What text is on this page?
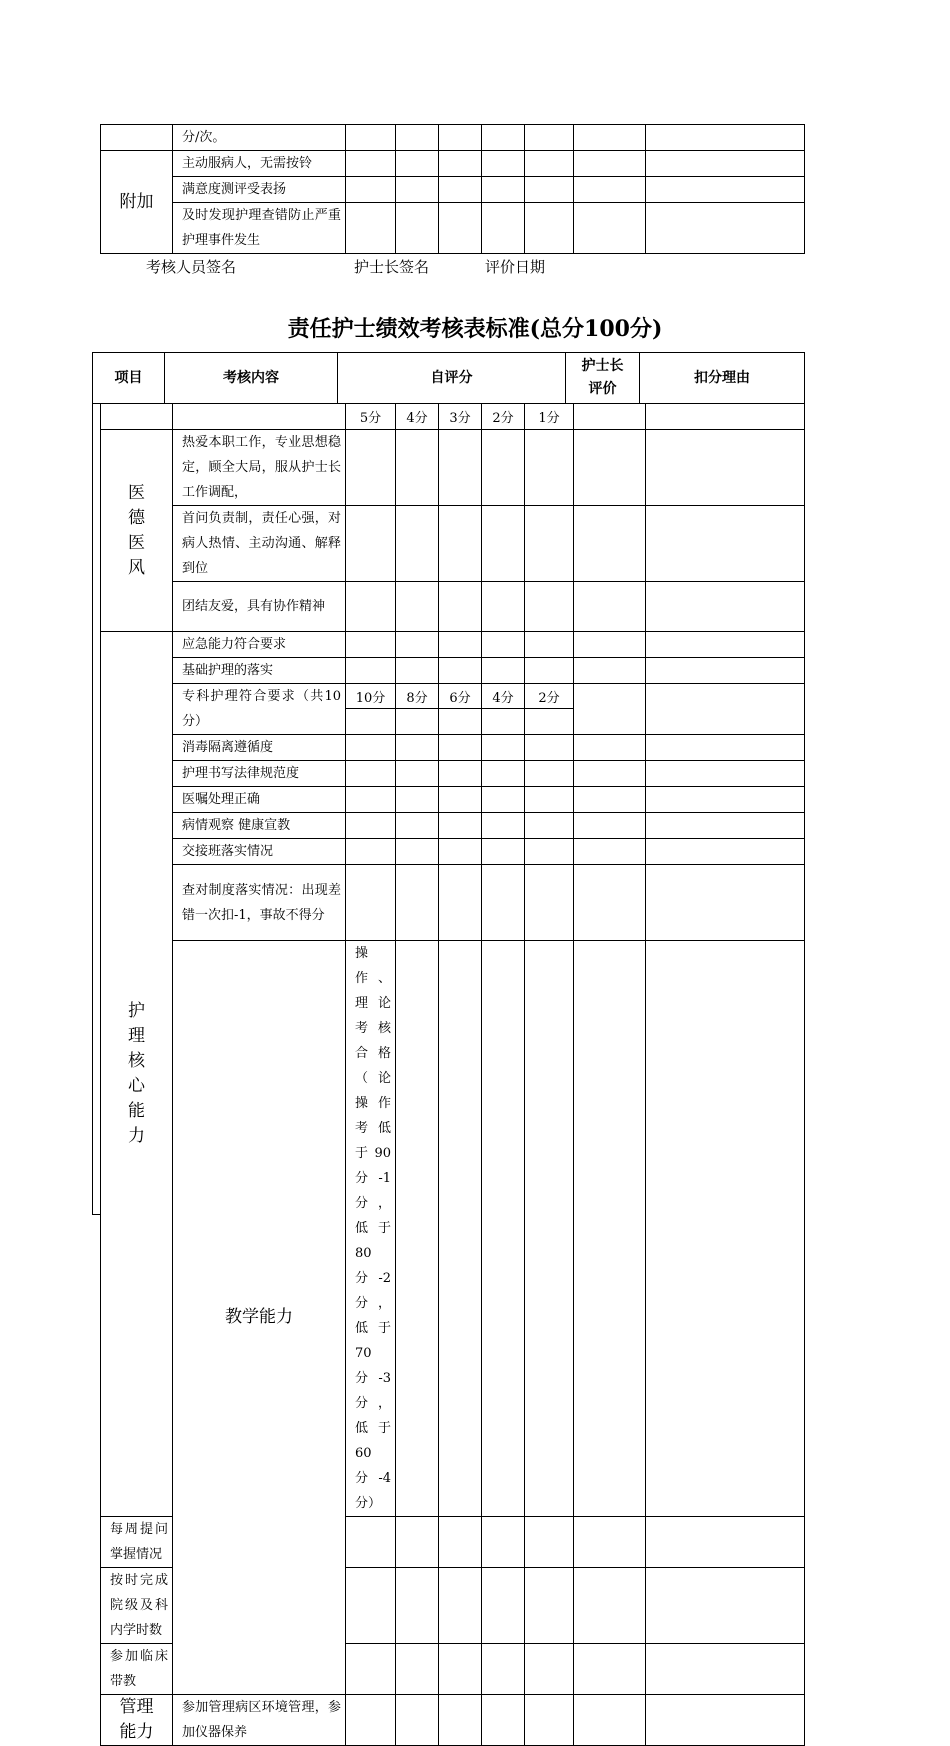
	分/次。							
附加	主动服病人，无需按铃							
	满意度测评受表扬							
	及时发现护理查错防止严重护理事件发生							
考核人员签名	护士长签名	评价日期
责任护士绩效考核表标准(总分100分)
项目	考核内容	自评分	护士长评价	扣分理由
		5分	4分	3分	2分	1分			
医德医风	热爱本职工作，专业思想稳定，顾全大局，服从护士长工作调配，								
	首问负责制，责任心强，对病人热情、主动沟通、解释到位								
	团结友爱，具有协作精神								
护理核心能力	应急能力符合要求								
	基础护理的落实								
	专科护理符合要求（共10分）	10分	8分	6分	4分	2分			

	消毒隔离遵循度								
	护理书写法律规范度								
	医嘱处理正确								
	病情观察 健康宣教								
	交接班落实情况								
	查对制度落实情况：出现差错一次扣-1，事故不得分								
	教学能力	操作、理论考核合格（论操作考低于90分-1分，低于80分-2分，低于70分-3分，低于60分-4分）							
每周提问掌握情况									
按时完成院级及科内学时数									
参加临床带教									
管理能力	参加管理病区环境管理，参加仪器保养								
